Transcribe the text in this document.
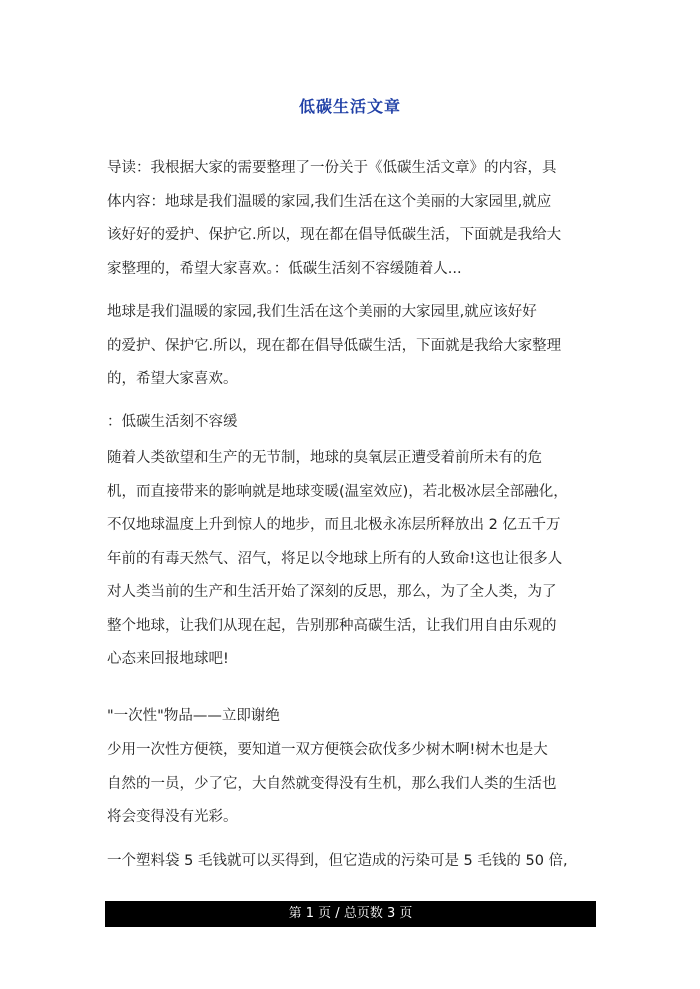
低碳生活文章
导读：我根据大家的需要整理了一份关于《低碳生活文章》的内容，具
体内容：地球是我们温暖的家园,我们生活在这个美丽的大家园里,就应
该好好的爱护、保护它.所以，现在都在倡导低碳生活，下面就是我给大
家整理的，希望大家喜欢。：低碳生活刻不容缓随着人...
地球是我们温暖的家园,我们生活在这个美丽的大家园里,就应该好好
的爱护、保护它.所以，现在都在倡导低碳生活，下面就是我给大家整理
的，希望大家喜欢。
：低碳生活刻不容缓
随着人类欲望和生产的无节制，地球的臭氧层正遭受着前所未有的危
机，而直接带来的影响就是地球变暖(温室效应)，若北极冰层全部融化，
不仅地球温度上升到惊人的地步，而且北极永冻层所释放出 2 亿五千万
年前的有毒天然气、沼气，将足以令地球上所有的人致命!这也让很多人
对人类当前的生产和生活开始了深刻的反思，那么，为了全人类，为了
整个地球，让我们从现在起，告别那种高碳生活，让我们用自由乐观的
心态来回报地球吧!
"一次性"物品——立即谢绝
少用一次性方便筷，要知道一双方便筷会砍伐多少树木啊!树木也是大
自然的一员，少了它，大自然就变得没有生机，那么我们人类的生活也
将会变得没有光彩。
一个塑料袋 5 毛钱就可以买得到，但它造成的污染可是 5 毛钱的 50 倍,
第 1 页 / 总页数 3 页
